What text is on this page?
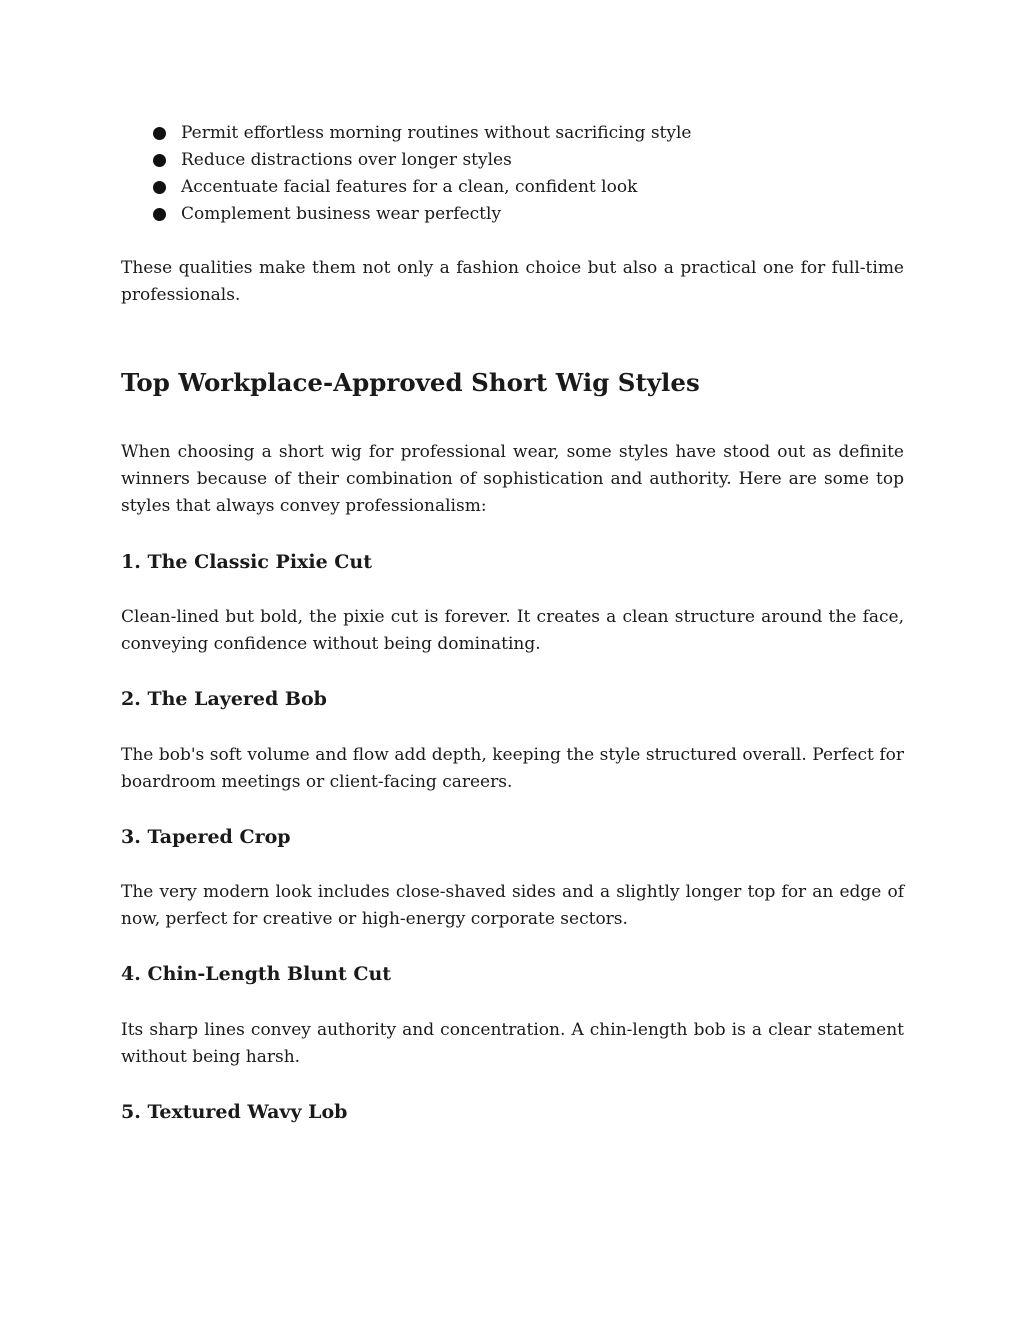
Permit effortless morning routines without sacrificing style
Reduce distractions over longer styles
Accentuate facial features for a clean, confident look
Complement business wear perfectly

These qualities make them not only a fashion choice but also a practical one for full-time professionals.

Top Workplace-Approved Short Wig Styles

When choosing a short wig for professional wear, some styles have stood out as definite winners because of their combination of sophistication and authority. Here are some top styles that always convey professionalism:

1. The Classic Pixie Cut

Clean-lined but bold, the pixie cut is forever. It creates a clean structure around the face, conveying confidence without being dominating.

2. The Layered Bob

The bob's soft volume and flow add depth, keeping the style structured overall. Perfect for boardroom meetings or client-facing careers.

3. Tapered Crop

The very modern look includes close-shaved sides and a slightly longer top for an edge of now, perfect for creative or high-energy corporate sectors.

4. Chin-Length Blunt Cut

Its sharp lines convey authority and concentration. A chin-length bob is a clear statement without being harsh.

5. Textured Wavy Lob
